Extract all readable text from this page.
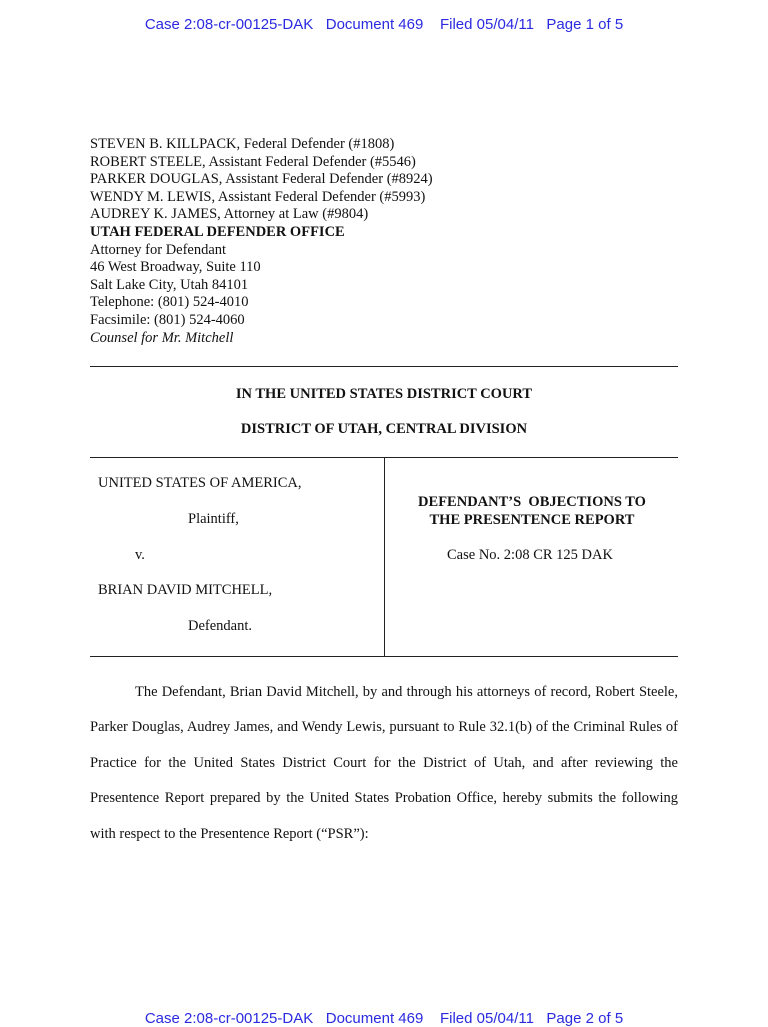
Case 2:08-cr-00125-DAK   Document 469    Filed 05/04/11   Page 1 of 5
STEVEN B. KILLPACK, Federal Defender (#1808)
ROBERT STEELE, Assistant Federal Defender (#5546)
PARKER DOUGLAS, Assistant Federal Defender (#8924)
WENDY M. LEWIS, Assistant Federal Defender (#5993)
AUDREY K. JAMES, Attorney at Law (#9804)
UTAH FEDERAL DEFENDER OFFICE
Attorney for Defendant
46 West Broadway, Suite 110
Salt Lake City, Utah 84101
Telephone: (801) 524-4010
Facsimile: (801) 524-4060
Counsel for Mr. Mitchell
IN THE UNITED STATES DISTRICT COURT
DISTRICT OF UTAH, CENTRAL DIVISION
UNITED STATES OF AMERICA,
Plaintiff,
v.
BRIAN DAVID MITCHELL,
Defendant.
DEFENDANT’S  OBJECTIONS TO
THE PRESENTENCE REPORT
Case No. 2:08 CR 125 DAK

The Defendant, Brian David Mitchell, by and through his attorneys of record, Robert Steele, Parker Douglas, Audrey James, and Wendy Lewis, pursuant to Rule 32.1(b) of the Criminal Rules of Practice for the United States District Court for the District of Utah, and after reviewing the Presentence Report prepared by the United States Probation Office, hereby submits the following with respect to the Presentence Report (“PSR”):

Case 2:08-cr-00125-DAK   Document 469    Filed 05/04/11   Page 2 of 5
